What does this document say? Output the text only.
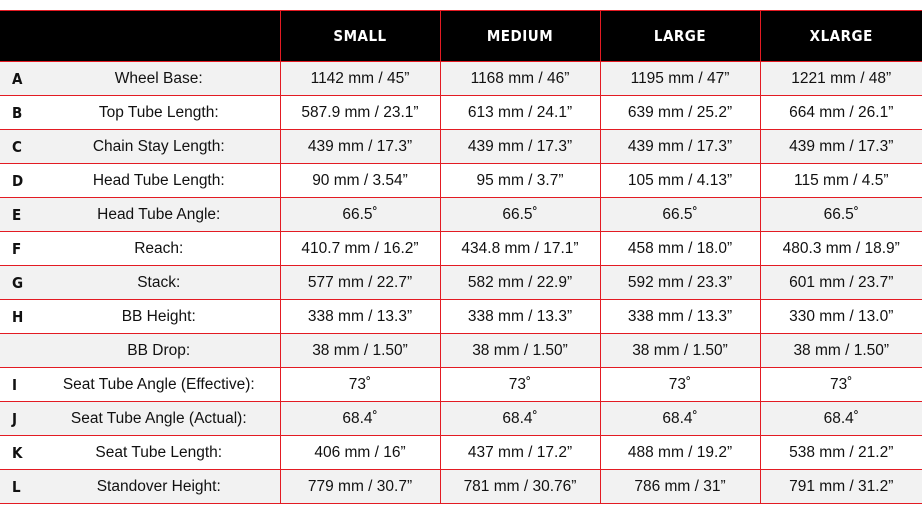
		SMALL	MEDIUM	LARGE	XLARGE
A	Wheel Base:	1142 mm / 45”	1168 mm / 46”	1195 mm / 47”	1221 mm / 48”
B	Top Tube Length:	587.9 mm / 23.1”	613 mm / 24.1”	639 mm / 25.2”	664 mm / 26.1”
C	Chain Stay Length:	439 mm / 17.3”	439 mm / 17.3”	439 mm / 17.3”	439 mm / 17.3”
D	Head Tube Length:	90 mm / 3.54”	95 mm / 3.7”	105 mm / 4.13”	115 mm / 4.5”
E	Head Tube Angle:	66.5˚	66.5˚	66.5˚	66.5˚
F	Reach:	410.7 mm / 16.2”	434.8 mm / 17.1”	458 mm / 18.0”	480.3 mm / 18.9”
G	Stack:	577 mm / 22.7”	582 mm / 22.9”	592 mm / 23.3”	601 mm / 23.7”
H	BB Height:	338 mm / 13.3”	338 mm / 13.3”	338 mm / 13.3”	330 mm / 13.0”
	BB Drop:	38 mm / 1.50”	38 mm / 1.50”	38 mm / 1.50”	38 mm / 1.50”
I	Seat Tube Angle (Effective):	73˚	73˚	73˚	73˚
J	Seat Tube Angle (Actual):	68.4˚	68.4˚	68.4˚	68.4˚
K	Seat Tube Length:	406 mm / 16”	437 mm / 17.2”	488 mm / 19.2”	538 mm / 21.2”
L	Standover Height:	779 mm / 30.7”	781 mm / 30.76”	786 mm / 31”	791 mm / 31.2”
